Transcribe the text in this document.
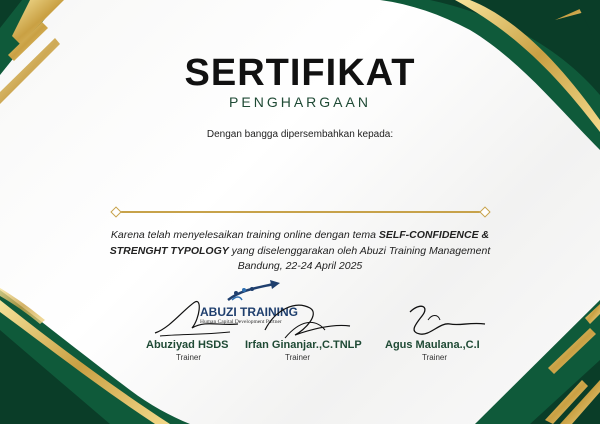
SERTIFIKAT
PENGHARGAAN
Dengan bangga dipersembahkan kepada:
Karena telah menyelesaikan training online dengan tema SELF-CONFIDENCE &
STRENGHT TYPOLOGY yang diselenggarakan oleh Abuzi Training Management
Bandung, 22-24 April 2025
ABUZI TRAINING
Human Capital Development Partner
Abuziyad HSDS
Trainer
Irfan Ginanjar.,C.TNLP
Trainer
Agus Maulana.,C.I
Trainer
